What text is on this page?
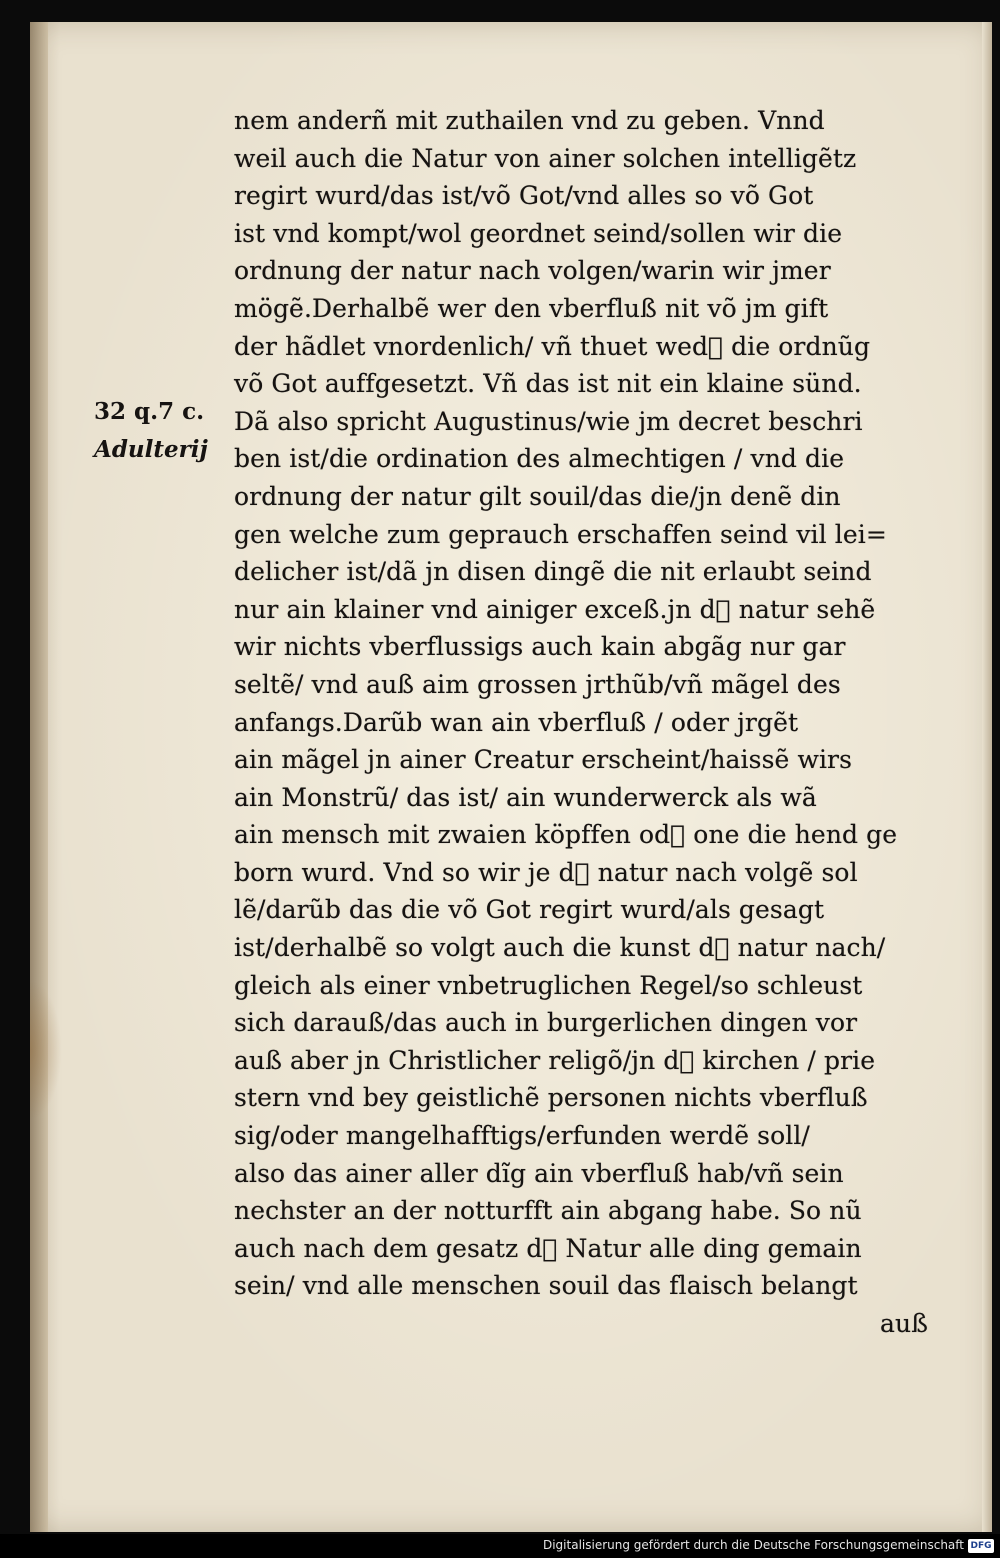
32 q.7 c.
Adulterij
nem anderñ mit zuthailen vnd zu geben. Vnnd
weil auch die Natur von ainer solchen intelligẽtz
regirt wurd/das ist/võ Got/vnd alles so võ Got
ist vnd kompt/wol geordnet seind/sollen wir die
ordnung der natur nach volgen/warin wir jmer
mögẽ.Derhalbẽ wer den vberfluß nit võ jm gift
der hãdlet vnordenlich/ vñ thuet wed᷑ die ordnũg
võ Got auffgesetzt. Vñ das ist nit ein klaine sünd.
Dã also spricht Augustinus/wie jm decret beschri
ben ist/die ordination des almechtigen / vnd die
ordnung der natur gilt souil/das die/jn denẽ din
gen welche zum geprauch erschaffen seind vil lei=
delicher ist/dã jn disen dingẽ die nit erlaubt seind
nur ain klainer vnd ainiger exceß.jn d᷑ natur sehẽ
wir nichts vberflussigs auch kain abgãg nur gar
seltẽ/ vnd auß aim grossen jrthũb/vñ mãgel des
anfangs.Darũb wan ain vberfluß / oder jrgẽt
ain mãgel jn ainer Creatur erscheint/haissẽ wirs
ain Monstrũ/ das ist/ ain wunderwerck als wã
ain mensch mit zwaien köpffen od᷑ one die hend ge
born wurd. Vnd so wir je d᷑ natur nach volgẽ sol
lẽ/darũb das die võ Got regirt wurd/als gesagt
ist/derhalbẽ so volgt auch die kunst d᷑ natur nach/
gleich als einer vnbetruglichen Regel/so schleust
sich darauß/das auch in burgerlichen dingen vor
auß aber jn Christlicher religõ/jn d᷑ kirchen / prie
stern vnd bey geistlichẽ personen nichts vberfluß
sig/oder mangelhafftigs/erfunden werdẽ soll/
also das ainer aller dĩg ain vberfluß hab/vñ sein
nechster an der notturfft ain abgang habe. So nũ
auch nach dem gesatz d᷑ Natur alle ding gemain
sein/ vnd alle menschen souil das flaisch belangt
auß
Digitalisierung gefördert durch die Deutsche Forschungsgemeinschaft DFG
